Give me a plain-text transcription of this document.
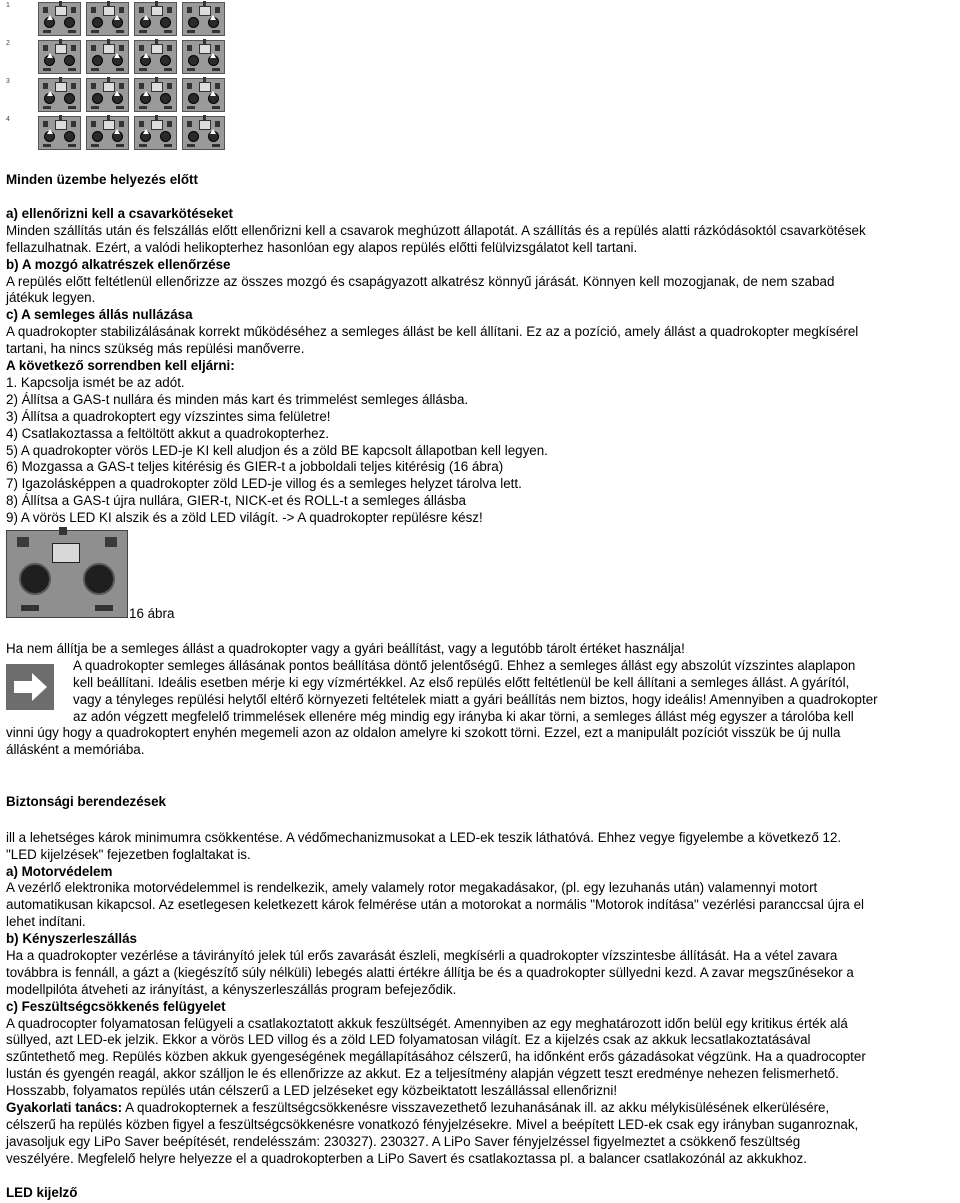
1
2
3
4

Minden üzembe helyezés előtt

a) ellenőrizni kell a csavarkötéseket

Minden szállítás után és felszállás előtt ellenőrizni kell a csavarok meghúzott állapotát. A szállítás és a repülés alatti rázkódásoktól csavarkötések

fellazulhatnak. Ezért, a valódi helikopterhez hasonlóan egy alapos repülés előtti felülvizsgálatot kell tartani.

b) A mozgó alkatrészek ellenőrzése

A repülés előtt feltétlenül ellenőrizze az összes mozgó és csapágyazott alkatrész könnyű járását. Könnyen kell mozogjanak, de nem szabad

játékuk legyen.

c) A semleges állás nullázása

A quadrokopter stabilizálásának korrekt működéséhez a semleges állást be kell állítani. Ez az a pozíció, amely állást a quadrokopter megkísérel

tartani, ha nincs szükség más repülési manőverre.

A következő sorrendben kell eljárni:

1. Kapcsolja ismét be az adót.

2) Állítsa a GAS-t nullára és minden más kart és trimmelést semleges állásba.

3) Állítsa a quadrokoptert egy vízszintes sima felületre!

4) Csatlakoztassa a feltöltött akkut a quadrokopterhez.

5) A quadrokopter vörös LED-je KI kell aludjon és a zöld BE kapcsolt állapotban kell legyen.

6) Mozgassa a GAS-t teljes kitérésig és GIER-t a jobboldali teljes kitérésig (16 ábra)

7) Igazolásképpen a quadrokopter zöld LED-je villog és a semleges helyzet tárolva lett.

8) Állítsa a GAS-t újra nullára, GIER-t, NICK-et és ROLL-t a semleges állásba

9) A vörös LED KI alszik és a zöld LED világít. -> A quadrokopter repülésre kész!

16 ábra

Ha nem állítja be a semleges állást a quadrokopter vagy a gyári beállítást, vagy a legutóbb tárolt értéket használja!

A quadrokopter semleges állásának pontos beállítása döntő jelentőségű. Ehhez a semleges állást egy abszolút vízszintes alaplapon

kell beállítani. Ideális esetben mérje ki egy vízmértékkel. Az első repülés előtt feltétlenül be kell állítani a semleges állást. A gyárítól,

vagy a tényleges repülési helytől eltérő környezeti feltételek miatt a gyári beállítás nem biztos, hogy ideális! Amennyiben a quadrokopter

az adón végzett megfelelő trimmelések ellenére még mindig egy irányba ki akar törni, a semleges állást még egyszer a tárolóba kell

vinni úgy hogy a quadrokoptert enyhén megemeli azon az oldalon amelyre ki szokott törni. Ezzel, ezt a manipulált pozíciót visszük be új nulla

állásként a memóriába.

Biztonsági berendezések

ill a lehetséges károk minimumra csökkentése. A védőmechanizmusokat a LED-ek teszik láthatóvá. Ehhez vegye figyelembe a következő 12.

"LED kijelzések" fejezetben foglaltakat is.

a) Motorvédelem

A vezérlő elektronika motorvédelemmel is rendelkezik, amely valamely rotor megakadásakor, (pl. egy lezuhanás után) valamennyi motort

automatikusan kikapcsol. Az esetlegesen keletkezett károk felmérése után a motorokat a normális "Motorok indítása" vezérlési paranccsal újra el

lehet indítani.

b) Kényszerleszállás

Ha a quadrokopter vezérlése a távirányító jelek túl erős zavarását észleli, megkísérli a quadrokopter vízszintesbe állítását. Ha a vétel zavara

továbbra is fennáll, a gázt a (kiegészítő súly nélküli) lebegés alatti értékre állítja be és a quadrokopter süllyedni kezd. A zavar megszűnésekor a

modellpilóta átveheti az irányítást, a kényszerleszállás program befejeződik.

c) Feszültségcsökkenés felügyelet

A quadrocopter folyamatosan felügyeli a csatlakoztatott akkuk feszültségét. Amennyiben az egy meghatározott időn belül egy kritikus érték alá

süllyed, azt LED-ek jelzik. Ekkor a vörös LED villog és a zöld LED folyamatosan világít. Ez a kijelzés csak az akkuk lecsatlakoztatásával

szűntethető meg. Repülés közben akkuk gyengeségének megállapításához célszerű, ha időnként erős gázadásokat végzünk. Ha a quadrocopter

lustán és gyengén reagál, akkor szálljon le és ellenőrizze az akkut. Ez a teljesítmény alapján végzett teszt eredménye nehezen felismerhető.

Hosszabb, folyamatos repülés után célszerű a LED jelzéseket egy közbeiktatott leszállással ellenőrizni!

Gyakorlati tanács: A quadrokopternek a feszültségcsökkenésre visszavezethető lezuhanásának ill. az akku mélykisülésének elkerülésére,

célszerű ha repülés közben figyel a feszültségcsökkenésre vonatkozó fényjelzésekre. Mivel a beépített LED-ek csak egy irányban suganroznak,

javasoljuk egy LiPo Saver beépítését, rendelésszám: 230327). 230327. A LiPo Saver fényjelzéssel figyelmeztet a csökkenő feszültség

veszélyére. Megfelelő helyre helyezze el a quadrokopterben a LiPo Savert és csatlakoztassa pl. a balancer csatlakozónál az akkukhoz.

LED kijelző
